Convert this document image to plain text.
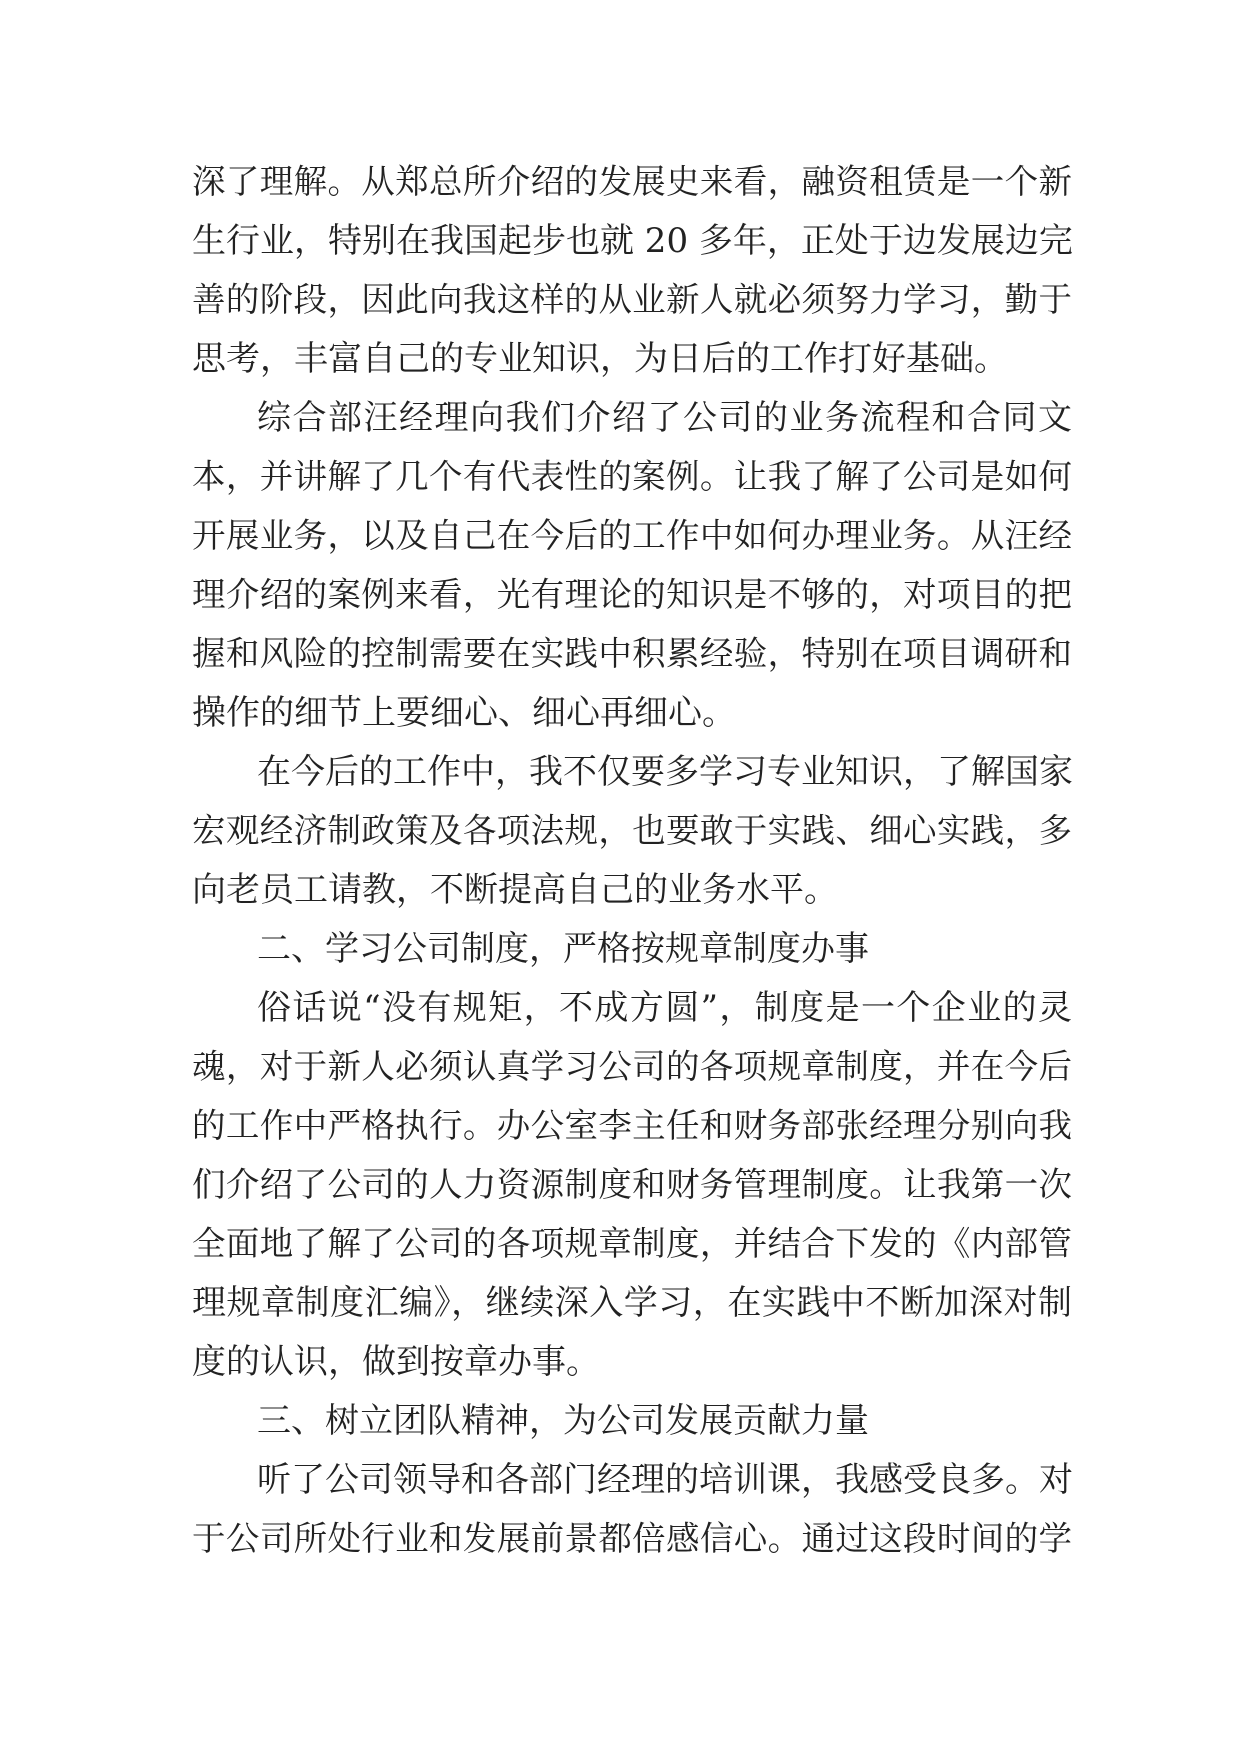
深了理解。从郑总所介绍的发展史来看，融资租赁是一个新

生行业，特别在我国起步也就 20 多年，正处于边发展边完

善的阶段，因此向我这样的从业新人就必须努力学习，勤于

思考，丰富自己的专业知识，为日后的工作打好基础。

综合部汪经理向我们介绍了公司的业务流程和合同文

本，并讲解了几个有代表性的案例。让我了解了公司是如何

开展业务，以及自己在今后的工作中如何办理业务。从汪经

理介绍的案例来看，光有理论的知识是不够的，对项目的把

握和风险的控制需要在实践中积累经验，特别在项目调研和

操作的细节上要细心、细心再细心。

在今后的工作中，我不仅要多学习专业知识，了解国家

宏观经济制政策及各项法规，也要敢于实践、细心实践，多

向老员工请教，不断提高自己的业务水平。

二、学习公司制度，严格按规章制度办事

俗话说“没有规矩，不成方圆”，制度是一个企业的灵

魂，对于新人必须认真学习公司的各项规章制度，并在今后

的工作中严格执行。办公室李主任和财务部张经理分别向我

们介绍了公司的人力资源制度和财务管理制度。让我第一次

全面地了解了公司的各项规章制度，并结合下发的《内部管

理规章制度汇编》，继续深入学习，在实践中不断加深对制

度的认识，做到按章办事。

三、树立团队精神，为公司发展贡献力量

听了公司领导和各部门经理的培训课，我感受良多。对

于公司所处行业和发展前景都倍感信心。通过这段时间的学
